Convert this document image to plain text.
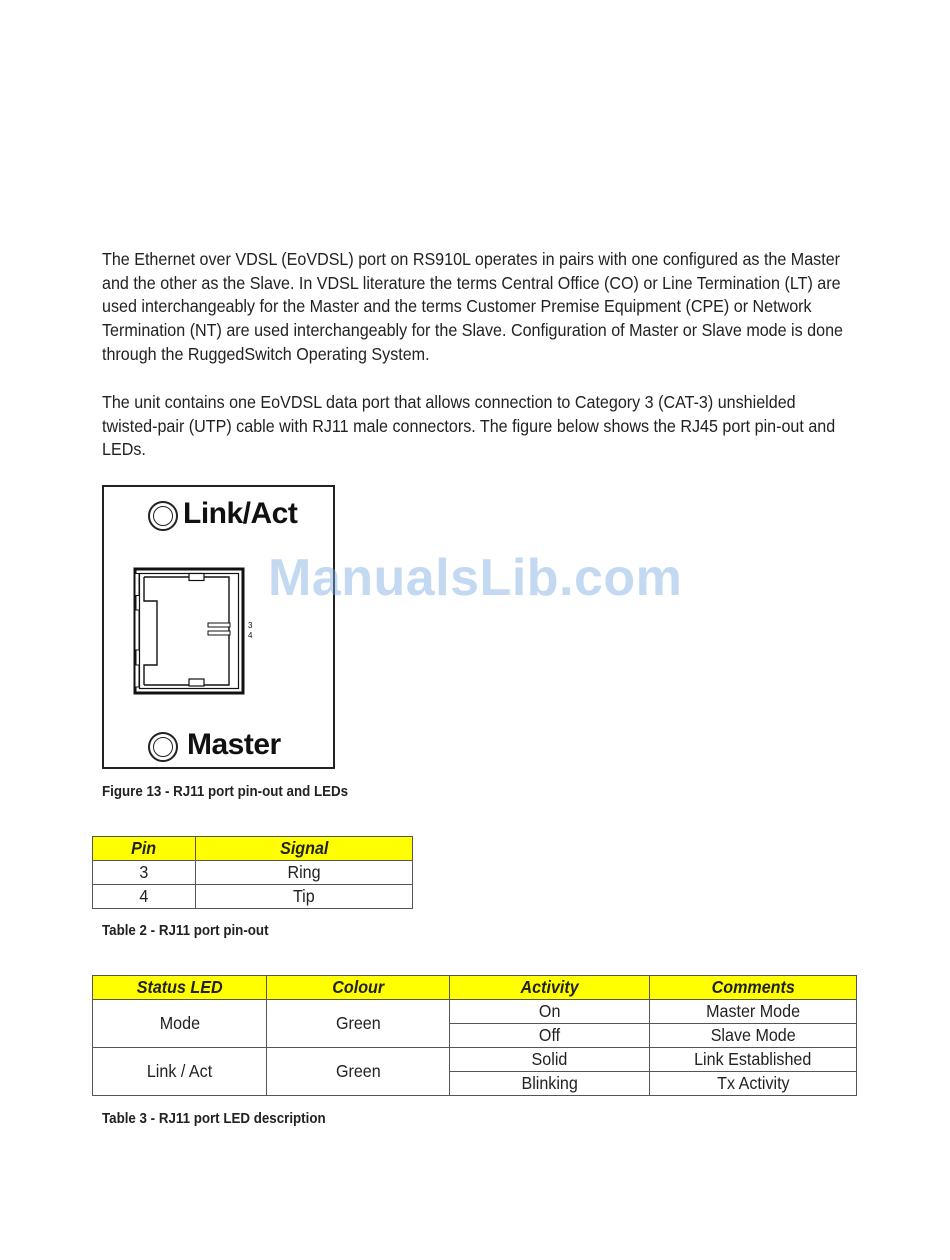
The Ethernet over VDSL (EoVDSL) port on RS910L operates in pairs with one configured as the Master and the other as the Slave. In VDSL literature the terms Central Office (CO) or Line Termination (LT) are used interchangeably for the Master and the terms Customer Premise Equipment (CPE) or Network Termination (NT) are used interchangeably for the Slave. Configuration of Master or Slave mode is done through the RuggedSwitch Operating System.

The unit contains one EoVDSL data port that allows connection to Category 3 (CAT-3) unshielded twisted-pair (UTP) cable with RJ11 male connectors. The figure below shows the RJ45 port pin-out and LEDs.

Link/Act
3
4
Master
ManualsLib.com

Figure 13 - RJ11 port pin-out and LEDs

Pin	Signal
3	Ring
4	Tip

Table 2 - RJ11 port pin-out

Status LED	Colour	Activity	Comments
Mode	Green	On	Master Mode
		Off	Slave Mode
Link / Act	Green	Solid	Link Established
		Blinking	Tx Activity

Table 3 - RJ11 port LED description
